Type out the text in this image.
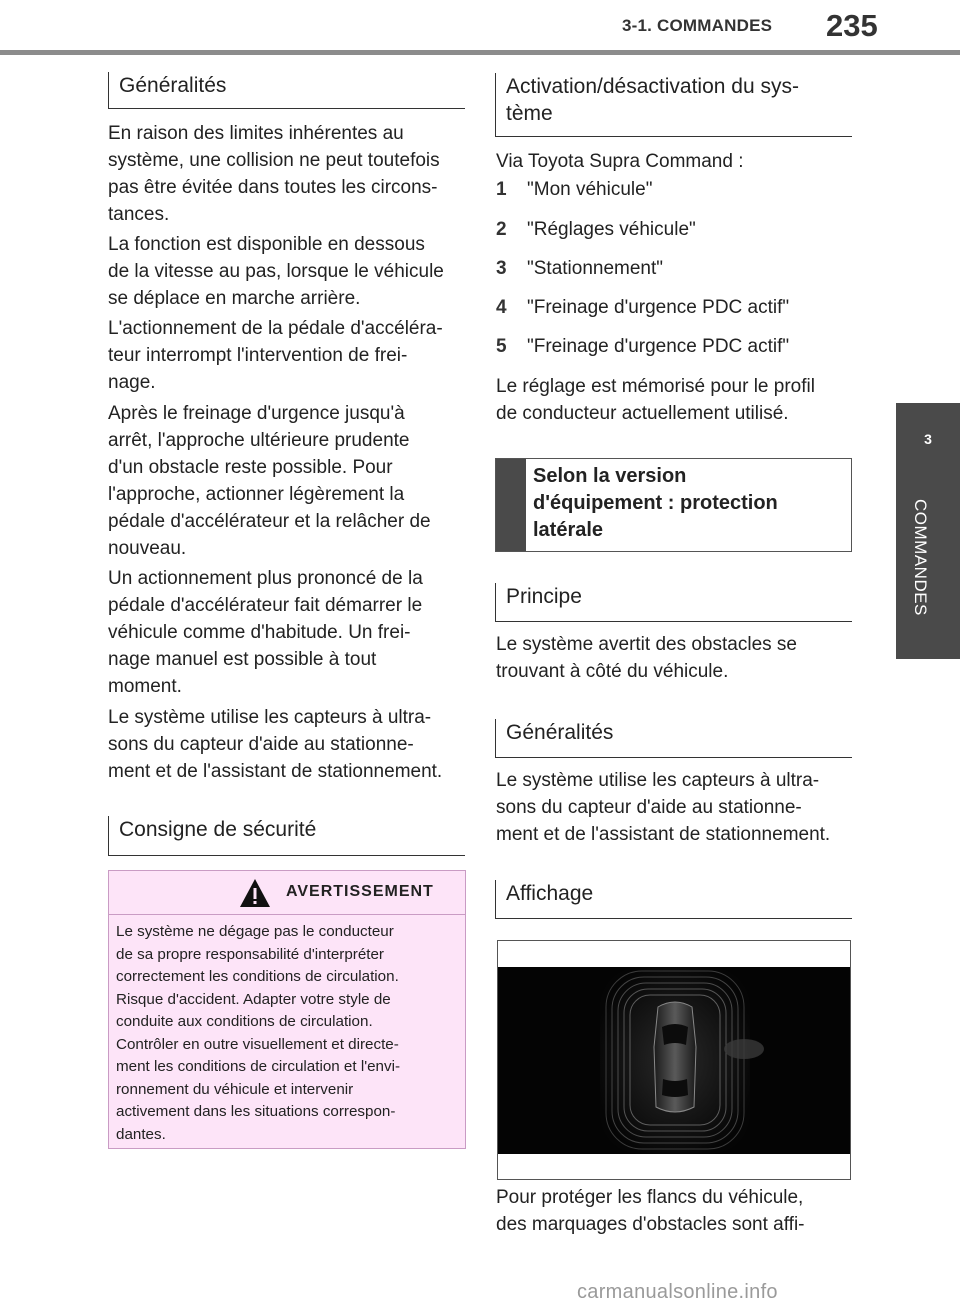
3-1. COMMANDES 235
3
COMMANDES
Généralités
En raison des limites inhérentes au
système, une collision ne peut toutefois
pas être évitée dans toutes les circons-
tances.
La fonction est disponible en dessous
de la vitesse au pas, lorsque le véhicule
se déplace en marche arrière.
L'actionnement de la pédale d'accéléra-
teur interrompt l'intervention de frei-
nage.
Après le freinage d'urgence jusqu'à
arrêt, l'approche ultérieure prudente
d'un obstacle reste possible. Pour
l'approche, actionner légèrement la
pédale d'accélérateur et la relâcher de
nouveau.
Un actionnement plus prononcé de la
pédale d'accélérateur fait démarrer le
véhicule comme d'habitude. Un frei-
nage manuel est possible à tout
moment.
Le système utilise les capteurs à ultra-
sons du capteur d'aide au stationne-
ment et de l'assistant de stationnement.
Consigne de sécurité
AVERTISSEMENT
Le système ne dégage pas le conducteur
de sa propre responsabilité d'interpréter
correctement les conditions de circulation.
Risque d'accident. Adapter votre style de
conduite aux conditions de circulation.
Contrôler en outre visuellement et directe-
ment les conditions de circulation et l'envi-
ronnement du véhicule et intervenir
activement dans les situations correspon-
dantes.
Activation/désactivation du sys-
tème
Via Toyota Supra Command :
1 "Mon véhicule"
2 "Réglages véhicule"
3 "Stationnement"
4 "Freinage d'urgence PDC actif"
5 "Freinage d'urgence PDC actif"
Le réglage est mémorisé pour le profil
de conducteur actuellement utilisé.
Selon la version
d'équipement : protection
latérale
Principe
Le système avertit des obstacles se
trouvant à côté du véhicule.
Généralités
Le système utilise les capteurs à ultra-
sons du capteur d'aide au stationne-
ment et de l'assistant de stationnement.
Affichage
Pour protéger les flancs du véhicule,
des marquages d'obstacles sont affi-
carmanualsonline.info
